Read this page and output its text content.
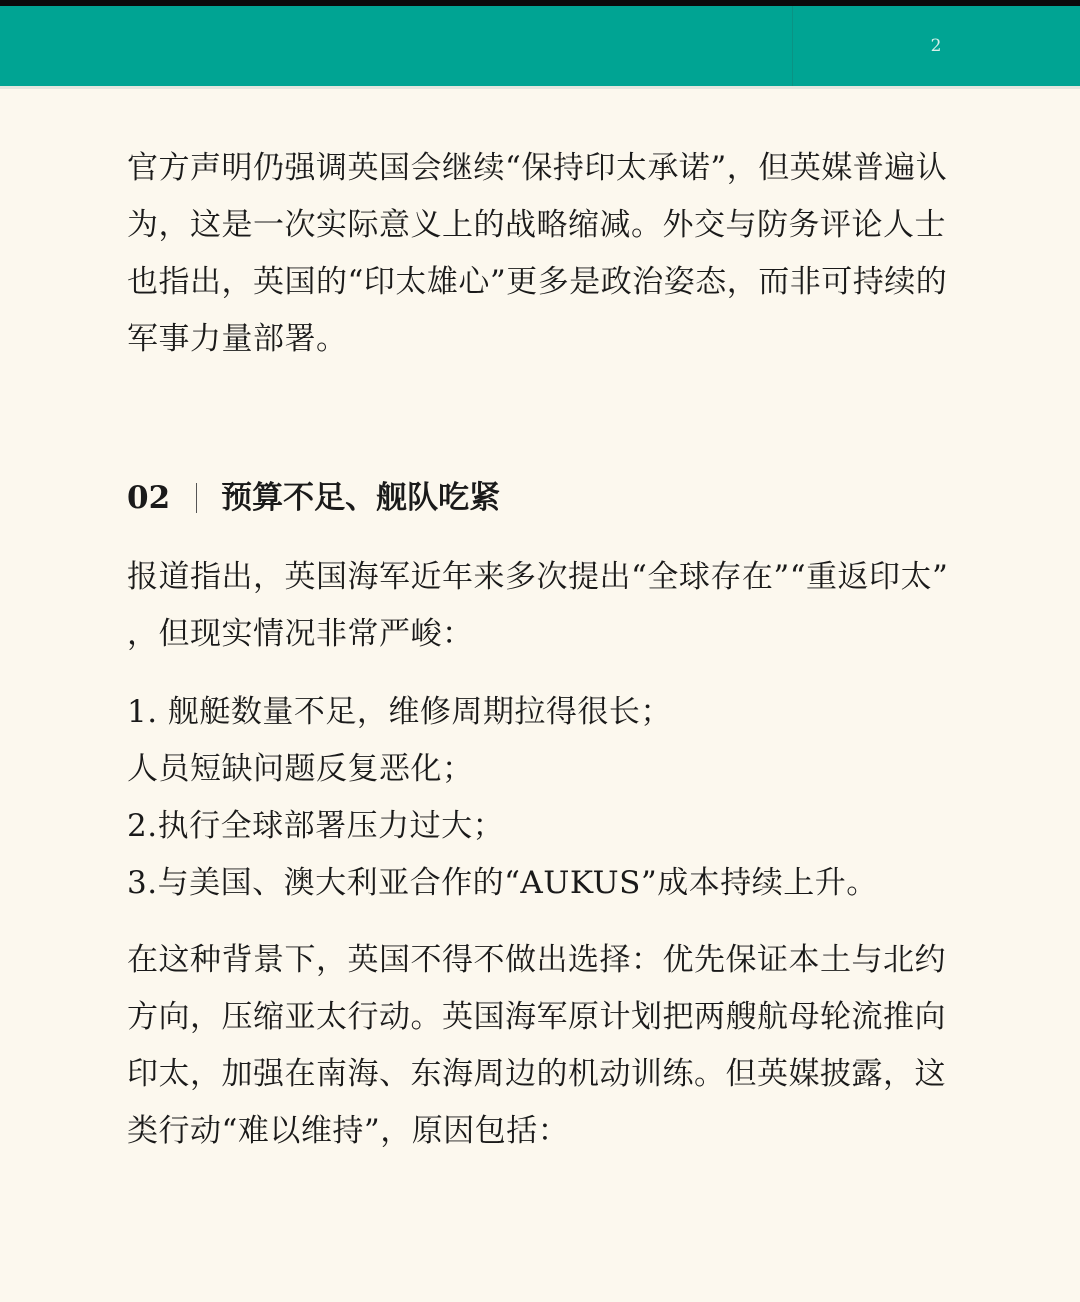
2

官方声明仍强调英国会继续“保持印太承诺”，但英媒普遍认为，这是一次实际意义上的战略缩减。外交与防务评论人士也指出，英国的“印太雄心”更多是政治姿态，而非可持续的军事力量部署。

02 预算不足、舰队吃紧

报道指出，英国海军近年来多次提出“全球存在”“重返印太”

，但现实情况非常严峻：

1. 舰艇数量不足，维修周期拉得很长；

人员短缺问题反复恶化；

2.执行全球部署压力过大；

3.与美国、澳大利亚合作的“AUKUS”成本持续上升。

在这种背景下，英国不得不做出选择：优先保证本土与北约方向，压缩亚太行动。英国海军原计划把两艘航母轮流推向印太，加强在南海、东海周边的机动训练。但英媒披露，这类行动“难以维持”，原因包括：
